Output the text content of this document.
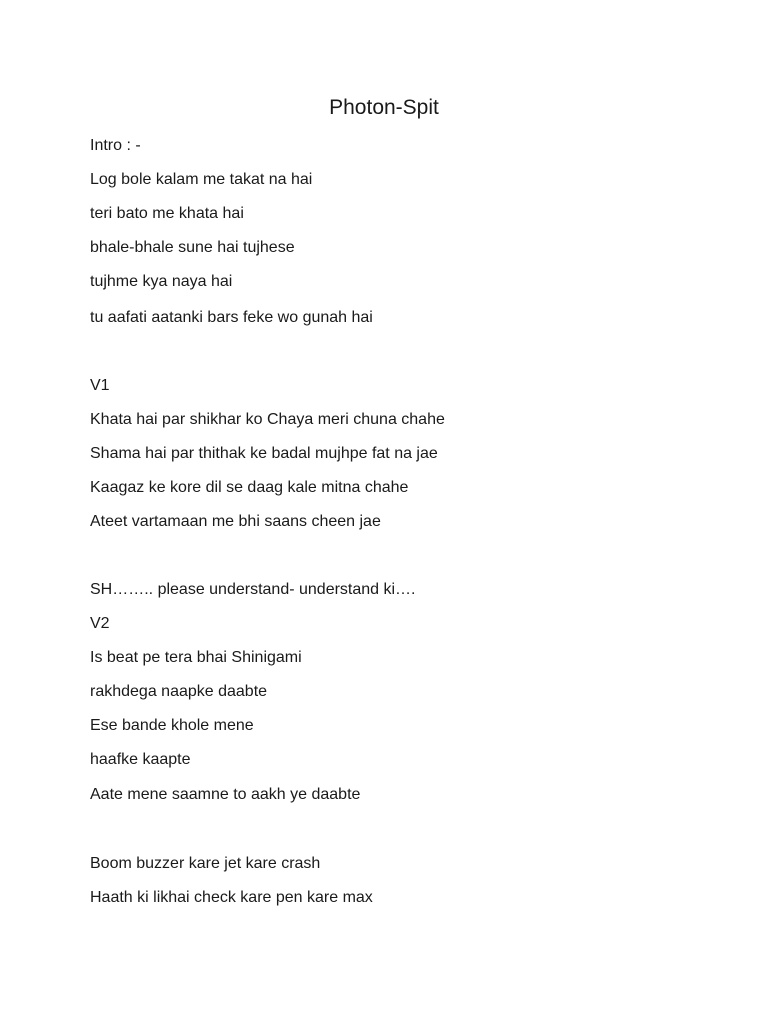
Photon-Spit
Intro : -
Log bole kalam me takat na hai
teri bato me khata hai
bhale-bhale sune hai tujhese
tujhme kya naya hai
tu aafati aatanki bars feke wo gunah hai
V1
Khata hai par shikhar ko Chaya meri chuna chahe
Shama hai par thithak ke badal mujhpe fat na jae
Kaagaz ke kore dil se daag kale mitna chahe
Ateet vartamaan me bhi saans cheen jae
SH…….. please understand- understand ki….
V2
Is beat pe tera bhai Shinigami
rakhdega naapke daabte
Ese bande khole mene
haafke kaapte
Aate mene saamne to aakh ye daabte
Boom buzzer kare jet kare crash
Haath ki likhai check kare pen kare max
